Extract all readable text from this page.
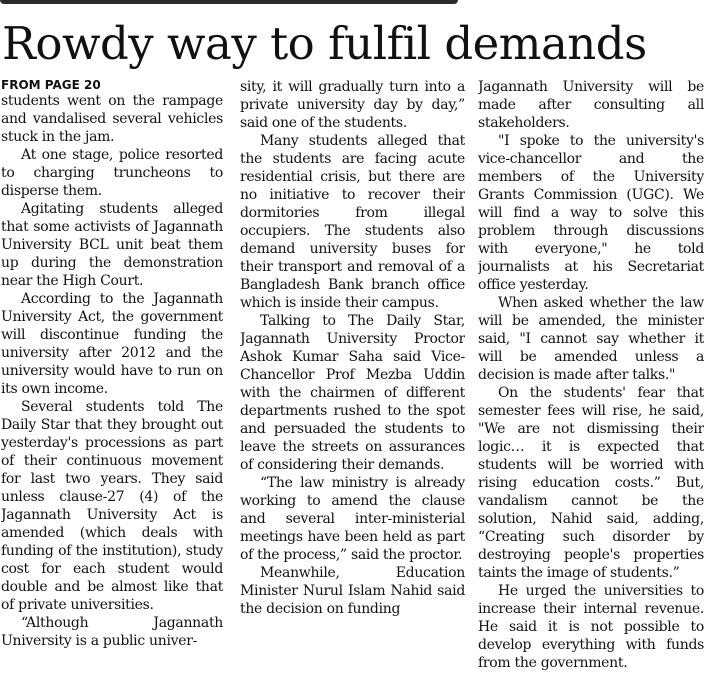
Rowdy way to fulfil demands

FROM PAGE 20

students went on the rampage and vandalised several vehicles stuck in the jam.

At one stage, police resorted to charging truncheons to disperse them.

Agitating students alleged that some activists of Jagannath University BCL unit beat them up during the demonstration near the High Court.

According to the Jagannath University Act, the government will discontinue funding the university after 2012 and the university would have to run on its own income.

Several students told The Daily Star that they brought out yesterday's processions as part of their continuous movement for last two years. They said unless clause-27 (4) of the Jagannath University Act is amended (which deals with funding of the institution), study cost for each student would double and be almost like that of private universities.

“Although Jagannath University is a public univer-

sity, it will gradually turn into a private university day by day,” said one of the students.

Many students alleged that the students are facing acute residential crisis, but there are no initiative to recover their dormitories from illegal occupiers. The students also demand university buses for their transport and removal of a Bangladesh Bank branch office which is inside their campus.

Talking to The Daily Star, Jagannath University Proctor Ashok Kumar Saha said Vice-Chancellor Prof Mezba Uddin with the chairmen of different departments rushed to the spot and persuaded the students to leave the streets on assurances of considering their demands.

“The law ministry is already working to amend the clause and several inter-ministerial meetings have been held as part of the process,” said the proctor.

Meanwhile, Education Minister Nurul Islam Nahid said the decision on funding

Jagannath University will be made after consulting all stakeholders.

"I spoke to the university's vice-chancellor and the members of the University Grants Commission (UGC). We will find a way to solve this problem through discussions with everyone," he told journalists at his Secretariat office yesterday.

When asked whether the law will be amended, the minister said, "I cannot say whether it will be amended unless a decision is made after talks."

On the students' fear that semester fees will rise, he said, "We are not dismissing their logic… it is expected that students will be worried with rising education costs.” But, vandalism cannot be the solution, Nahid said, adding, “Creating such disorder by destroying people's properties taints the image of students.”

He urged the universities to increase their internal revenue. He said it is not possible to develop everything with funds from the government.
